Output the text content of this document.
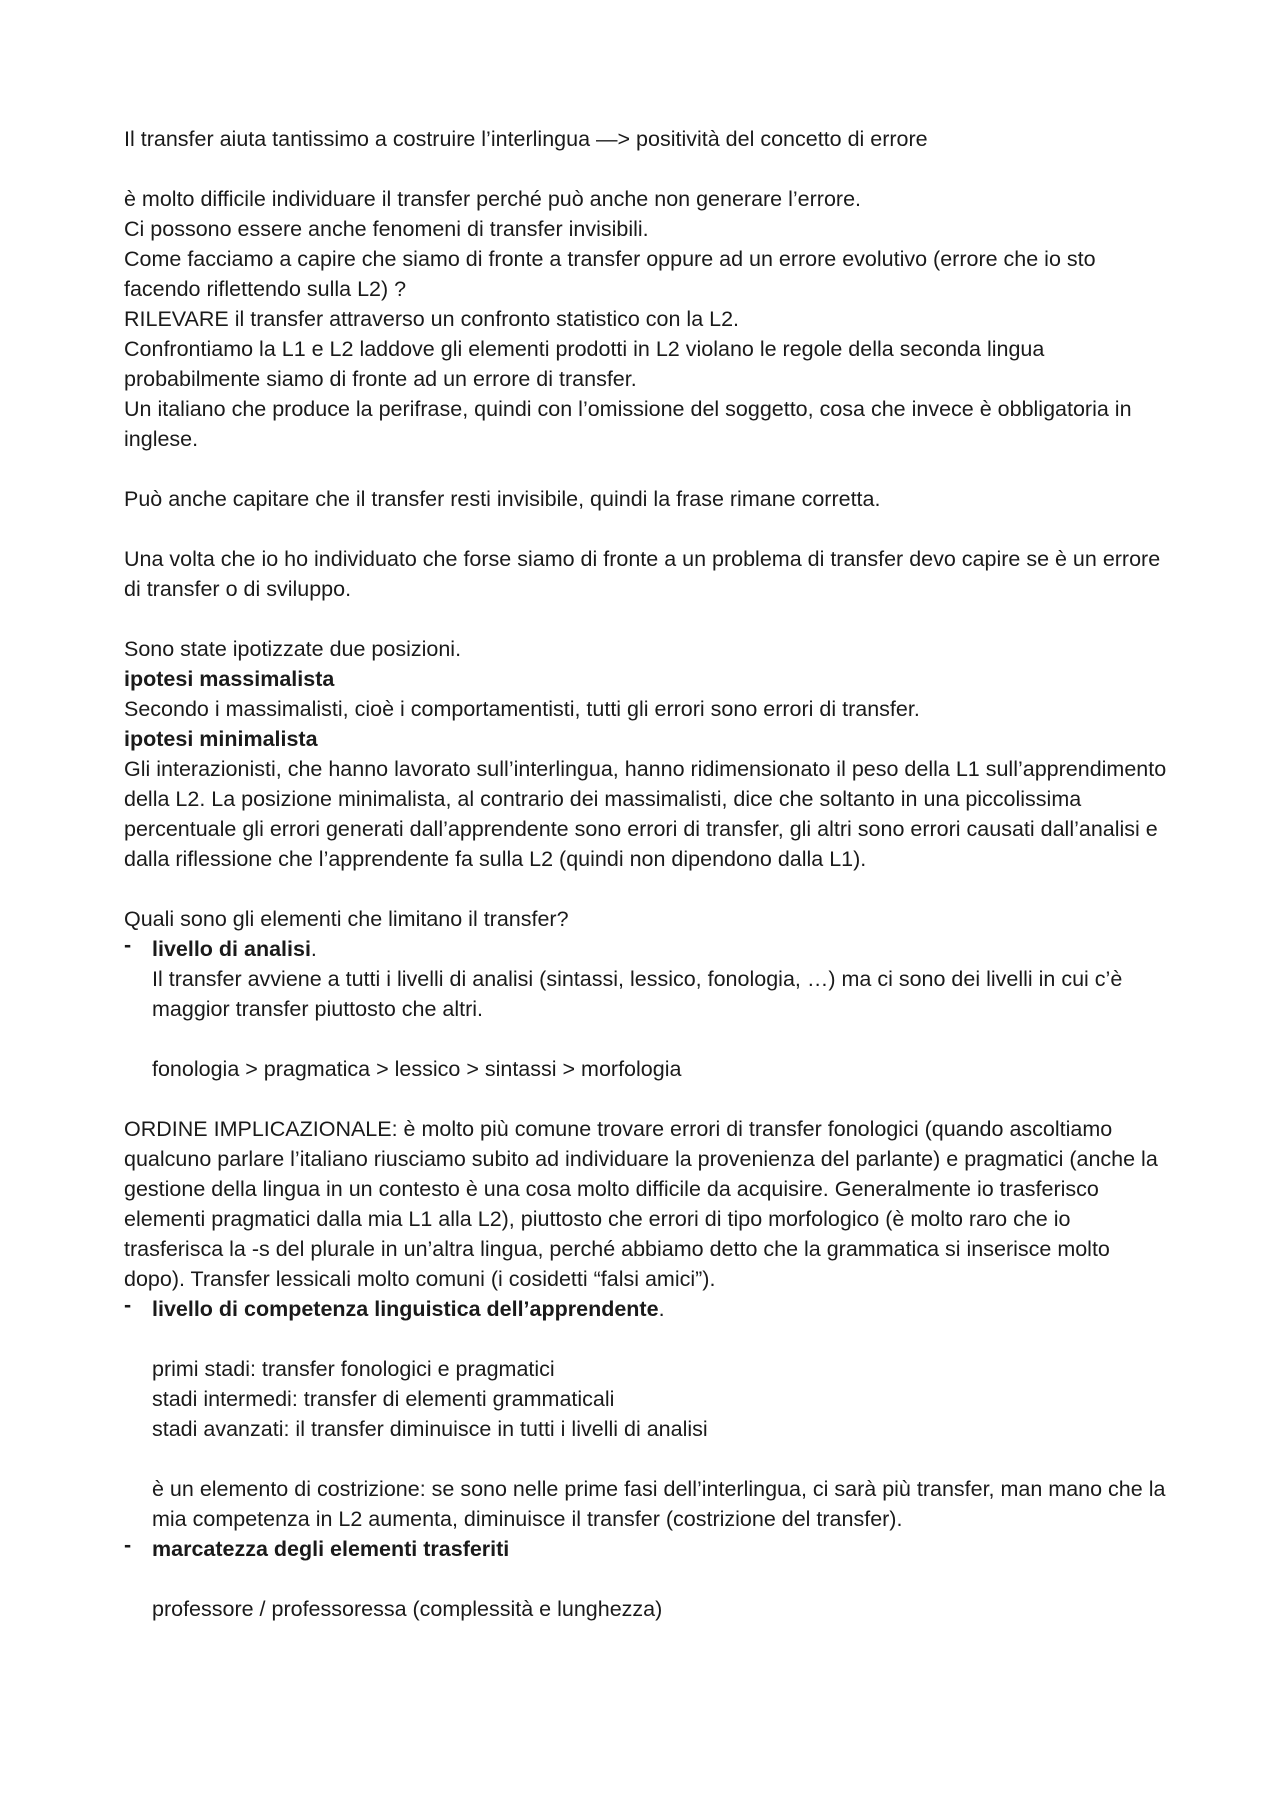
Il transfer aiuta tantissimo a costruire l’interlingua —> positività del concetto di errore

è molto difficile individuare il transfer perché può anche non generare l’errore.

Ci possono essere anche fenomeni di transfer invisibili.

Come facciamo a capire che siamo di fronte a transfer oppure ad un errore evolutivo (errore che io sto facendo riflettendo sulla L2) ?

RILEVARE il transfer attraverso un confronto statistico con la L2.

Confrontiamo la L1 e L2 laddove gli elementi prodotti in L2 violano le regole della seconda lingua probabilmente siamo di fronte ad un errore di transfer.

Un italiano che produce la perifrase, quindi con l’omissione del soggetto, cosa che invece è obbligatoria in inglese.

Può anche capitare che il transfer resti invisibile, quindi la frase rimane corretta.

Una volta che io ho individuato che forse siamo di fronte a un problema di transfer devo capire se è un errore di transfer o di sviluppo.

Sono state ipotizzate due posizioni.

ipotesi massimalista

Secondo i massimalisti, cioè i comportamentisti, tutti gli errori sono errori di transfer.

ipotesi minimalista

Gli interazionisti, che hanno lavorato sull’interlingua, hanno ridimensionato il peso della L1 sull’apprendimento della L2. La posizione minimalista, al contrario dei massimalisti, dice che soltanto in una piccolissima percentuale gli errori generati dall’apprendente sono errori di transfer, gli altri sono errori causati dall’analisi e dalla riflessione che l’apprendente fa sulla L2 (quindi non dipendono dalla L1).

Quali sono gli elementi che limitano il transfer?

- livello di analisi.

Il transfer avviene a tutti i livelli di analisi (sintassi, lessico, fonologia, …) ma ci sono dei livelli in cui c’è maggior transfer piuttosto che altri.

fonologia > pragmatica > lessico > sintassi > morfologia

ORDINE IMPLICAZIONALE: è molto più comune trovare errori di transfer fonologici (quando ascoltiamo qualcuno parlare l’italiano riusciamo subito ad individuare la provenienza del parlante) e pragmatici (anche la gestione della lingua in un contesto è una cosa molto difficile da acquisire. Generalmente io trasferisco elementi pragmatici dalla mia L1 alla L2), piuttosto che errori di tipo morfologico (è molto raro che io trasferisca la -s del plurale in un’altra lingua, perché abbiamo detto che la grammatica si inserisce molto dopo). Transfer lessicali molto comuni (i cosidetti “falsi amici”).

- livello di competenza linguistica dell’apprendente.

primi stadi: transfer fonologici e pragmatici

stadi intermedi: transfer di elementi grammaticali

stadi avanzati: il transfer diminuisce in tutti i livelli di analisi

è un elemento di costrizione: se sono nelle prime fasi dell’interlingua, ci sarà più transfer, man mano che la mia competenza in L2 aumenta, diminuisce il transfer (costrizione del transfer).

- marcatezza degli elementi trasferiti

professore / professoressa (complessità e lunghezza)
